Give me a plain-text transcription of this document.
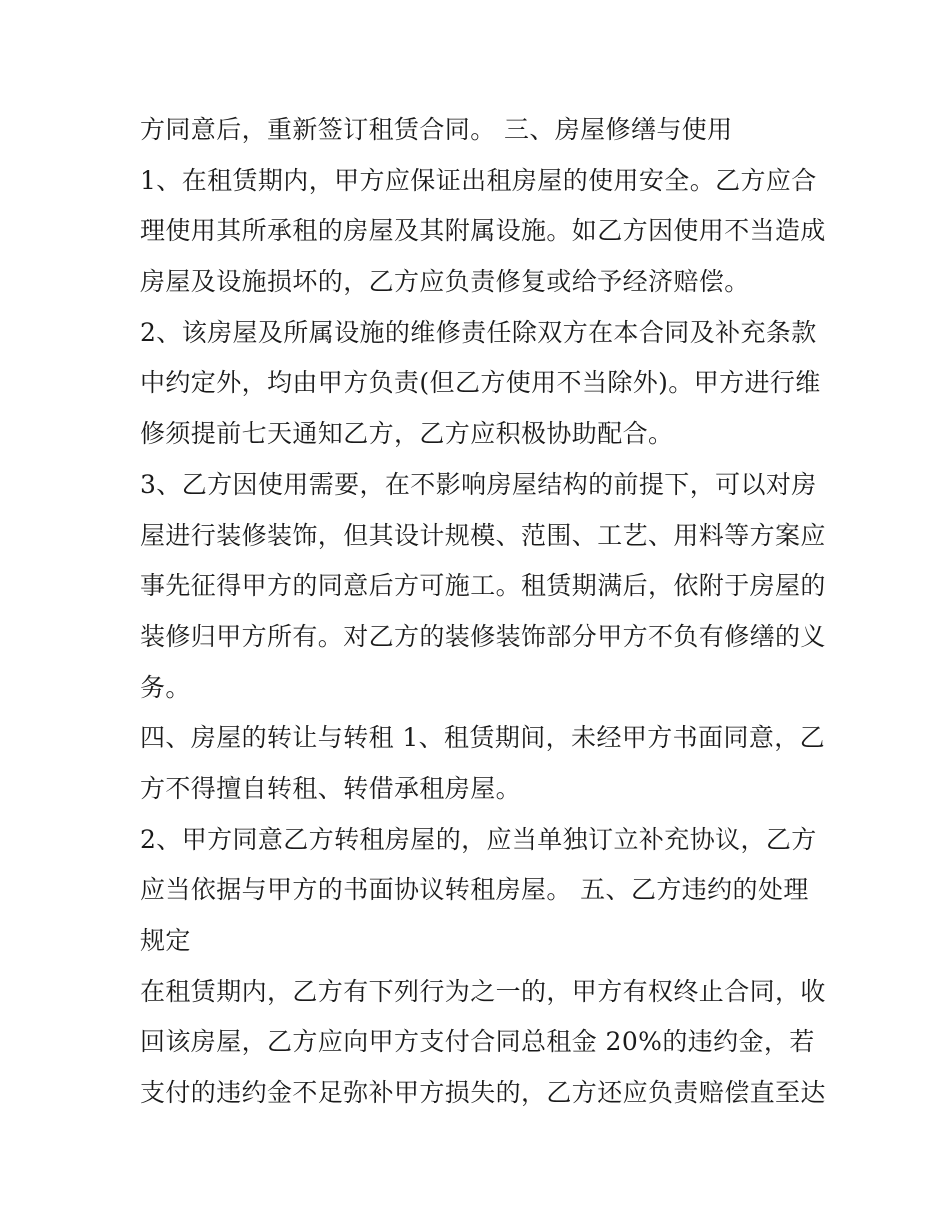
方同意后，重新签订租赁合同。 三、房屋修缮与使用
1、在租赁期内，甲方应保证出租房屋的使用安全。乙方应合
理使用其所承租的房屋及其附属设施。如乙方因使用不当造成
房屋及设施损坏的，乙方应负责修复或给予经济赔偿。
2、该房屋及所属设施的维修责任除双方在本合同及补充条款
中约定外，均由甲方负责(但乙方使用不当除外)。甲方进行维
修须提前七天通知乙方，乙方应积极协助配合。
3、乙方因使用需要，在不影响房屋结构的前提下，可以对房
屋进行装修装饰，但其设计规模、范围、工艺、用料等方案应
事先征得甲方的同意后方可施工。租赁期满后，依附于房屋的
装修归甲方所有。对乙方的装修装饰部分甲方不负有修缮的义
务。
四、房屋的转让与转租 1、租赁期间，未经甲方书面同意，乙
方不得擅自转租、转借承租房屋。
2、甲方同意乙方转租房屋的，应当单独订立补充协议，乙方
应当依据与甲方的书面协议转租房屋。 五、乙方违约的处理
规定
在租赁期内，乙方有下列行为之一的，甲方有权终止合同，收
回该房屋，乙方应向甲方支付合同总租金 20%的违约金，若
支付的违约金不足弥补甲方损失的，乙方还应负责赔偿直至达
